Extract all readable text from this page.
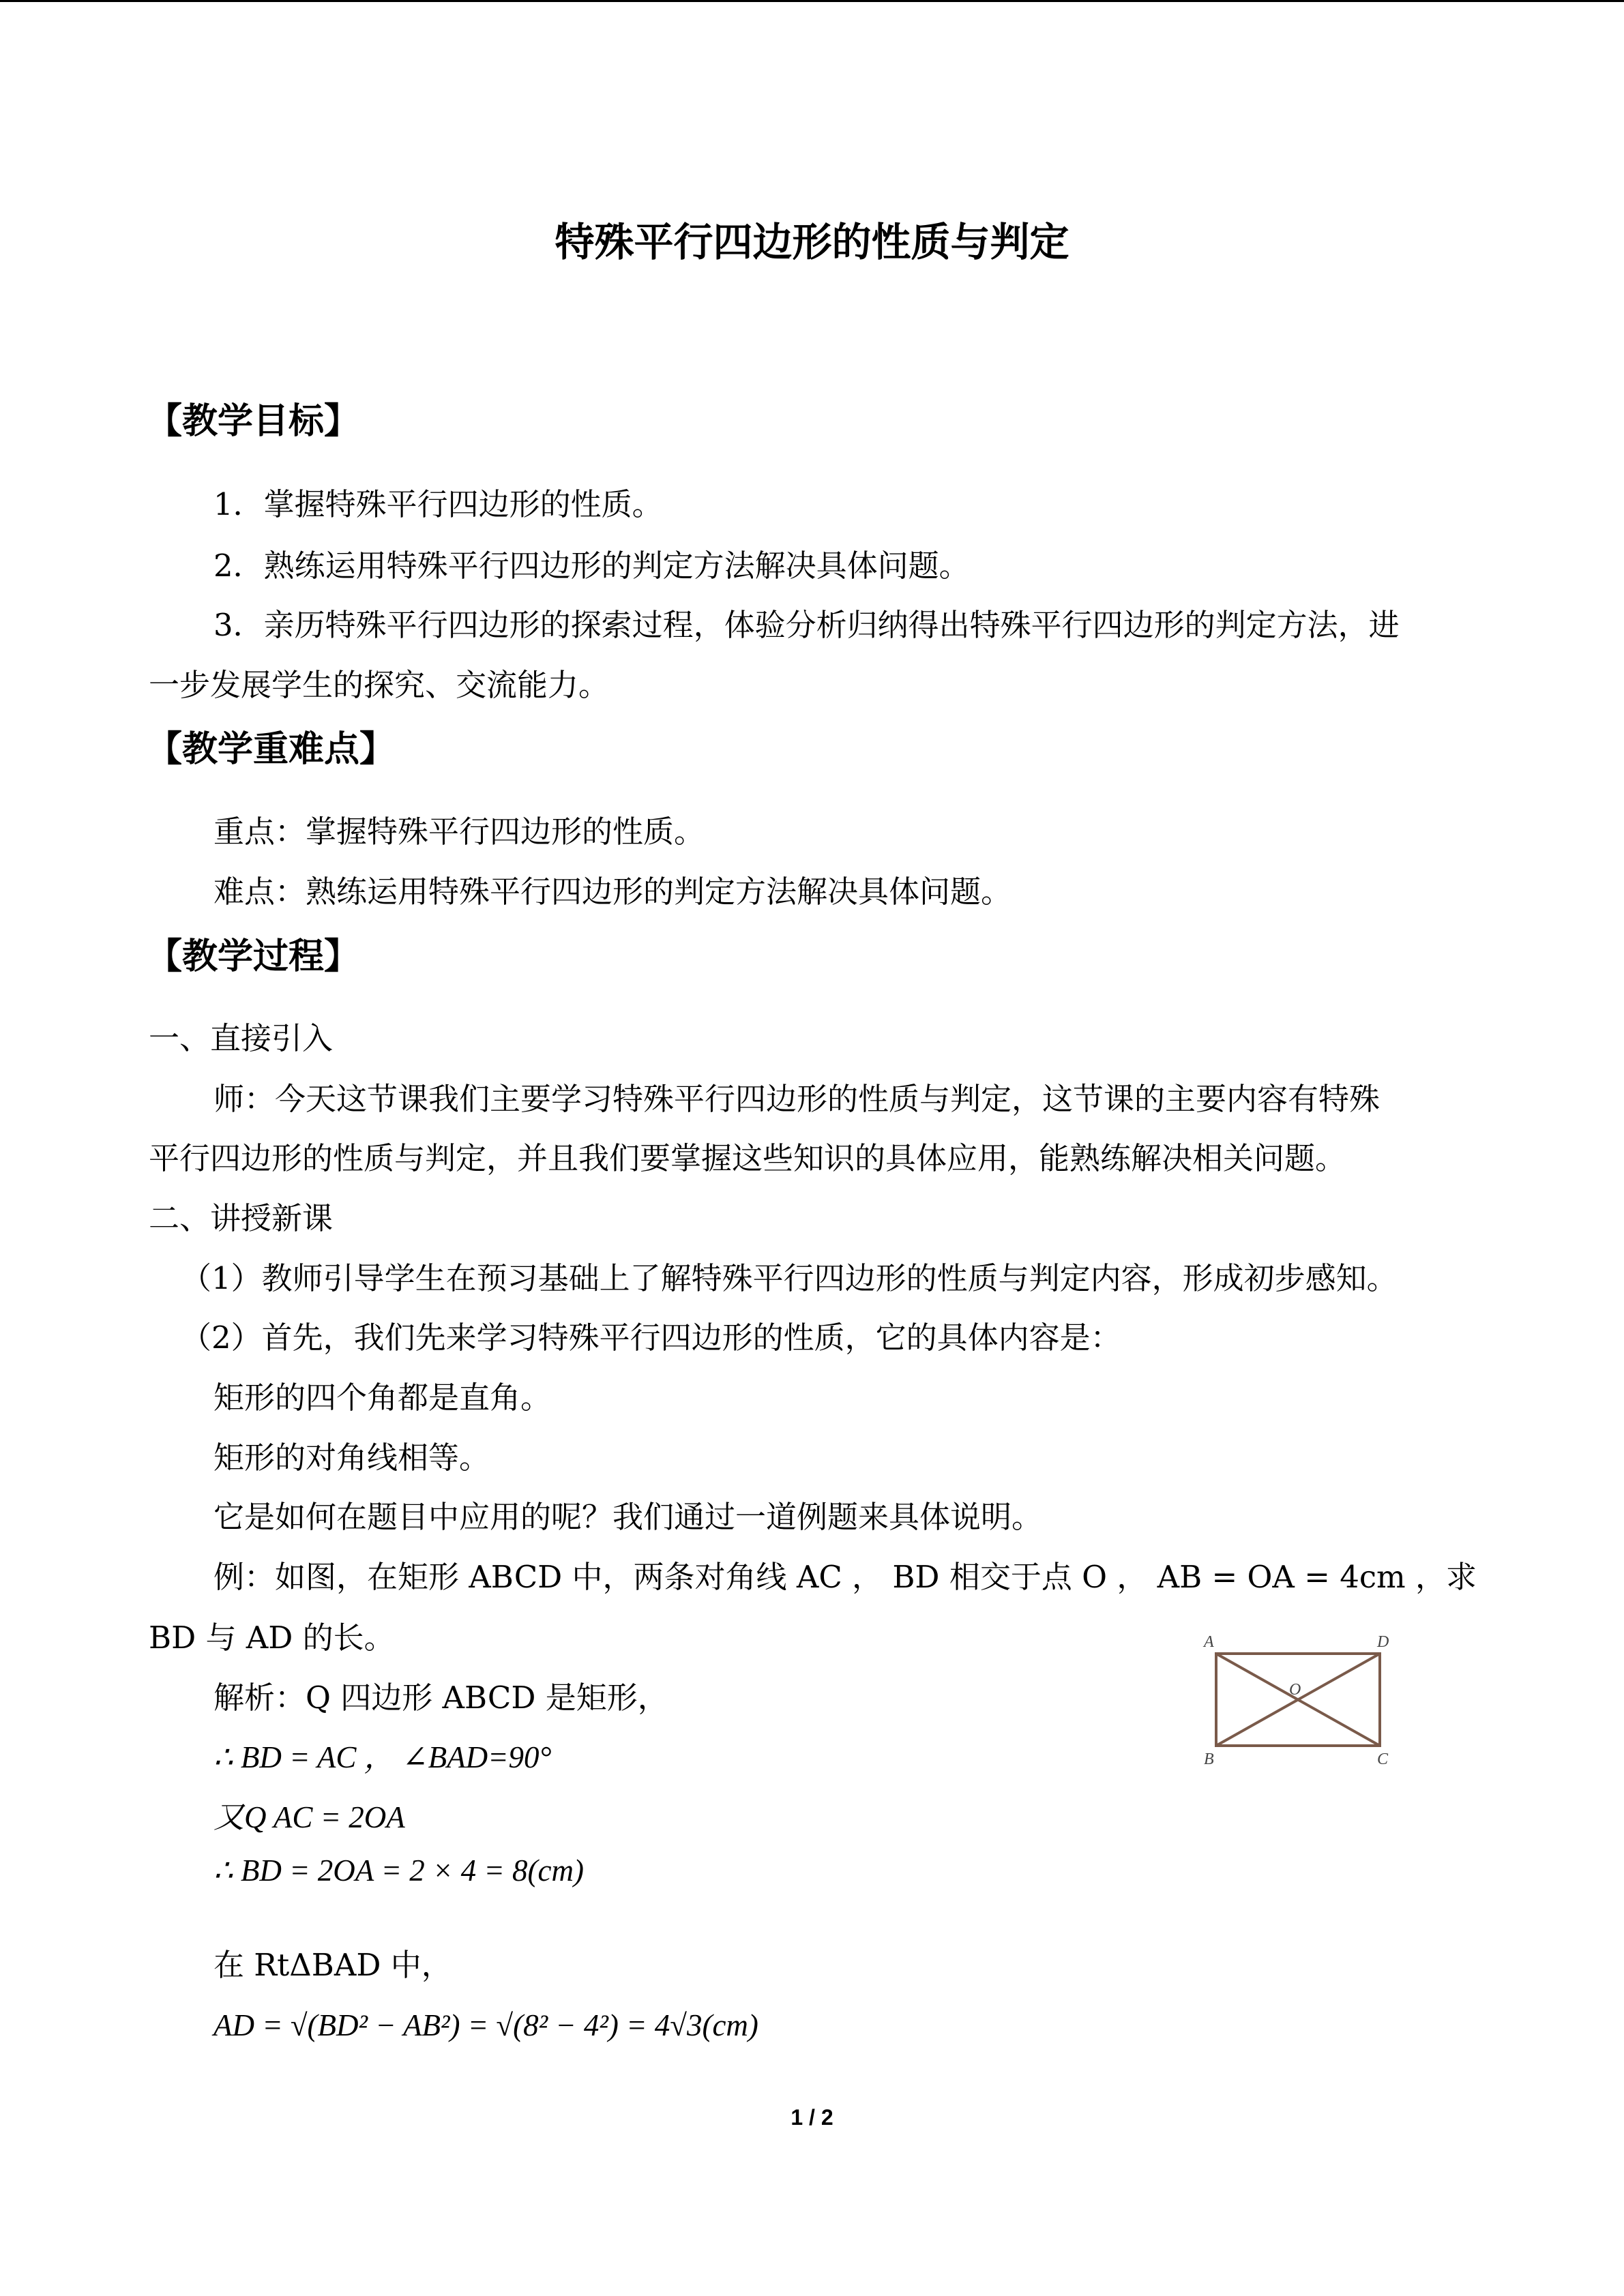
特殊平行四边形的性质与判定
【教学目标】
1．掌握特殊平行四边形的性质。
2．熟练运用特殊平行四边形的判定方法解决具体问题。
3．亲历特殊平行四边形的探索过程，体验分析归纳得出特殊平行四边形的判定方法，进
一步发展学生的探究、交流能力。
【教学重难点】
重点：掌握特殊平行四边形的性质。
难点：熟练运用特殊平行四边形的判定方法解决具体问题。
【教学过程】
一、直接引入
师：今天这节课我们主要学习特殊平行四边形的性质与判定，这节课的主要内容有特殊
平行四边形的性质与判定，并且我们要掌握这些知识的具体应用，能熟练解决相关问题。
二、讲授新课
（1）教师引导学生在预习基础上了解特殊平行四边形的性质与判定内容，形成初步感知。
（2）首先，我们先来学习特殊平行四边形的性质，它的具体内容是：
矩形的四个角都是直角。
矩形的对角线相等。
它是如何在题目中应用的呢？我们通过一道例题来具体说明。
例：如图，在矩形 ABCD 中，两条对角线 AC ， BD 相交于点 O ， AB = OA = 4cm ，求
BD 与 AD 的长。
解析：Q 四边形 ABCD 是矩形，
∴ BD = AC ， ∠BAD=90°
又Q AC = 2OA
∴ BD = 2OA = 2 × 4 = 8(cm)
在 RtΔBAD 中，
AD = √(BD² − AB²) = √(8² − 4²) = 4√3(cm)
A
B	C
D
O
1 / 2
